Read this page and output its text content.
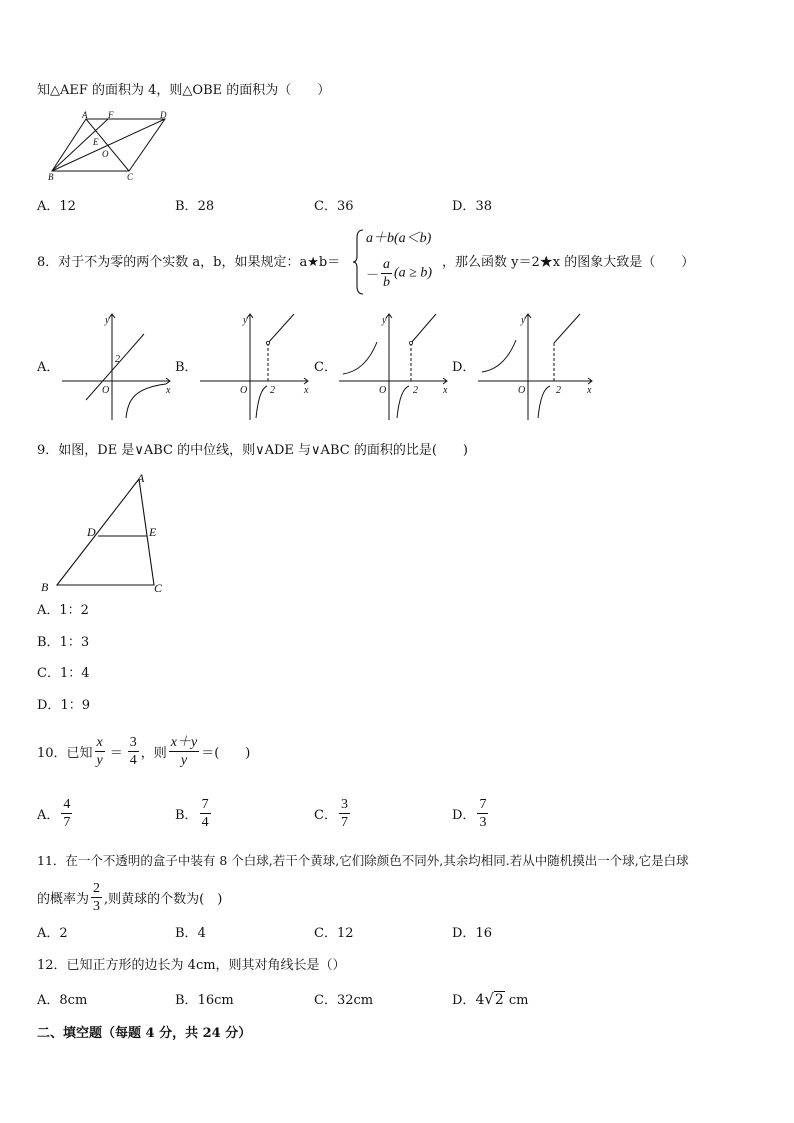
知△AEF 的面积为 4，则△OBE 的面积为（　　）
A F	D
E
O
B	C
A．12	B．28	C．36	D．38
8．对于不为零的两个实数 a，b，如果规定：a★b＝
a＋b(a＜b)
－ $\frac{a}{b} (a \ge b)$
，那么函数 y＝2★x 的图象大致是（　　）
A．	B．	C．	D．
y
x
O
2
y
x
O 2
y
x
O	2
y
x
O	2
9．如图，DE 是∨ABC 的中位线，则∨ADE 与∨ABC 的面积的比是(　　)
A
D	E
B	C
A．1：2
B．1：3
C．1：4
D．1：9
10．已知 $\frac{x}{y} = \frac{3}{4}$ ，则 $\frac{x+y}{y}$ ＝(　　)
A． $\frac{4}{7}$	B． $\frac{7}{4}$	C． $\frac{3}{7}$	D． $\frac{7}{3}$
11．在一个不透明的盒子中装有 8 个白球,若干个黄球,它们除颜色不同外,其余均相同.若从中随机摸出一个球,它是白球
的概率为 $\frac{2}{3}$ ,则黄球的个数为(　)
A．2	B．4	C．12	D．16
12．已知正方形的边长为 4cm，则其对角线长是（）
A．8cm	B．16cm	C．32cm	D．4√2 cm
二、填空题（每题 4 分，共 24 分）
